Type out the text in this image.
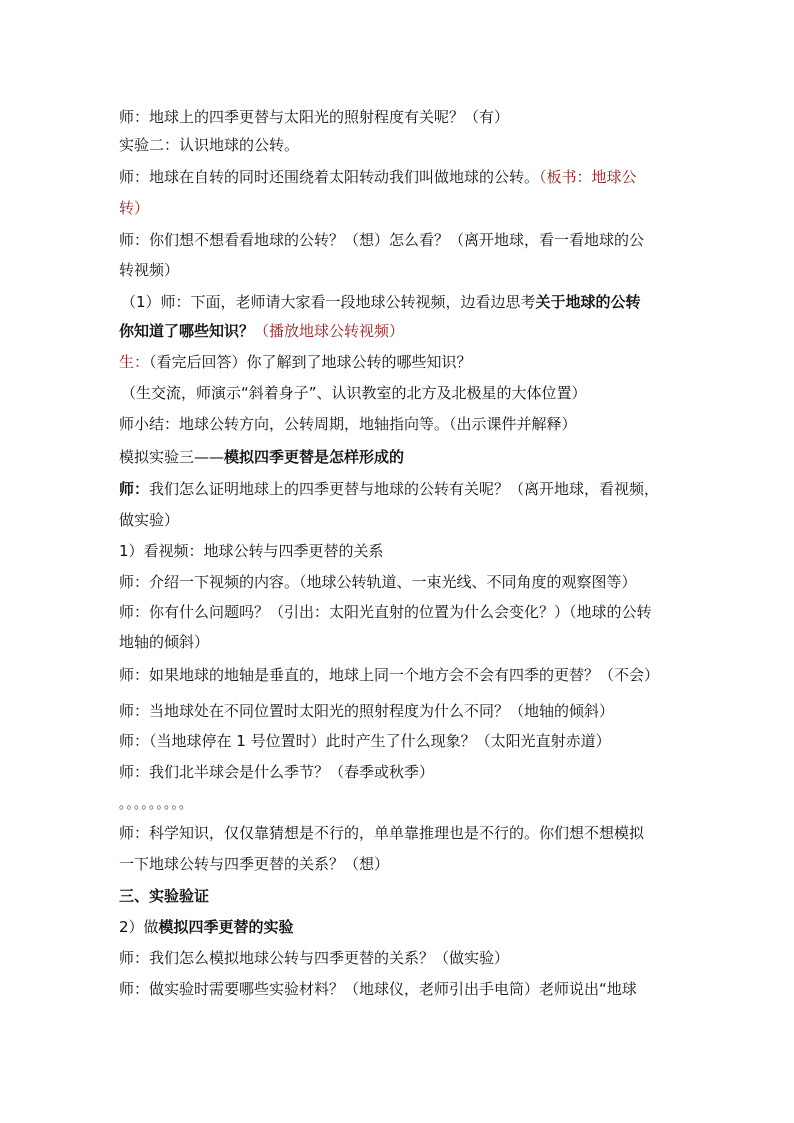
师：地球上的四季更替与太阳光的照射程度有关呢？（有）
实验二：认识地球的公转。
师：地球在自转的同时还围绕着太阳转动我们叫做地球的公转。（板书：地球公
转）
师：你们想不想看看地球的公转？（想）怎么看？（离开地球，看一看地球的公
转视频）
（1）师：下面，老师请大家看一段地球公转视频，边看边思考关于地球的公转
你知道了哪些知识？（播放地球公转视频）
生：（看完后回答）你了解到了地球公转的哪些知识？
（生交流，师演示“斜着身子”、认识教室的北方及北极星的大体位置）
师小结：地球公转方向，公转周期，地轴指向等。（出示课件并解释）
模拟实验三——模拟四季更替是怎样形成的
师：我们怎么证明地球上的四季更替与地球的公转有关呢？（离开地球，看视频，
做实验）
1）看视频：地球公转与四季更替的关系
师：介绍一下视频的内容。（地球公转轨道、一束光线、不同角度的观察图等）
师：你有什么问题吗？（引出：太阳光直射的位置为什么会变化？）（地球的公转
地轴的倾斜）
师：如果地球的地轴是垂直的，地球上同一个地方会不会有四季的更替？（不会）
师：当地球处在不同位置时太阳光的照射程度为什么不同？（地轴的倾斜）
师：（当地球停在 1 号位置时）此时产生了什么现象？（太阳光直射赤道）
师：我们北半球会是什么季节？（春季或秋季）
。。。。。。。。。
师：科学知识，仅仅靠猜想是不行的，单单靠推理也是不行的。你们想不想模拟
一下地球公转与四季更替的关系？（想）
三、实验验证
2）做模拟四季更替的实验
师：我们怎么模拟地球公转与四季更替的关系？（做实验）
师：做实验时需要哪些实验材料？（地球仪，老师引出手电筒）老师说出“地球
